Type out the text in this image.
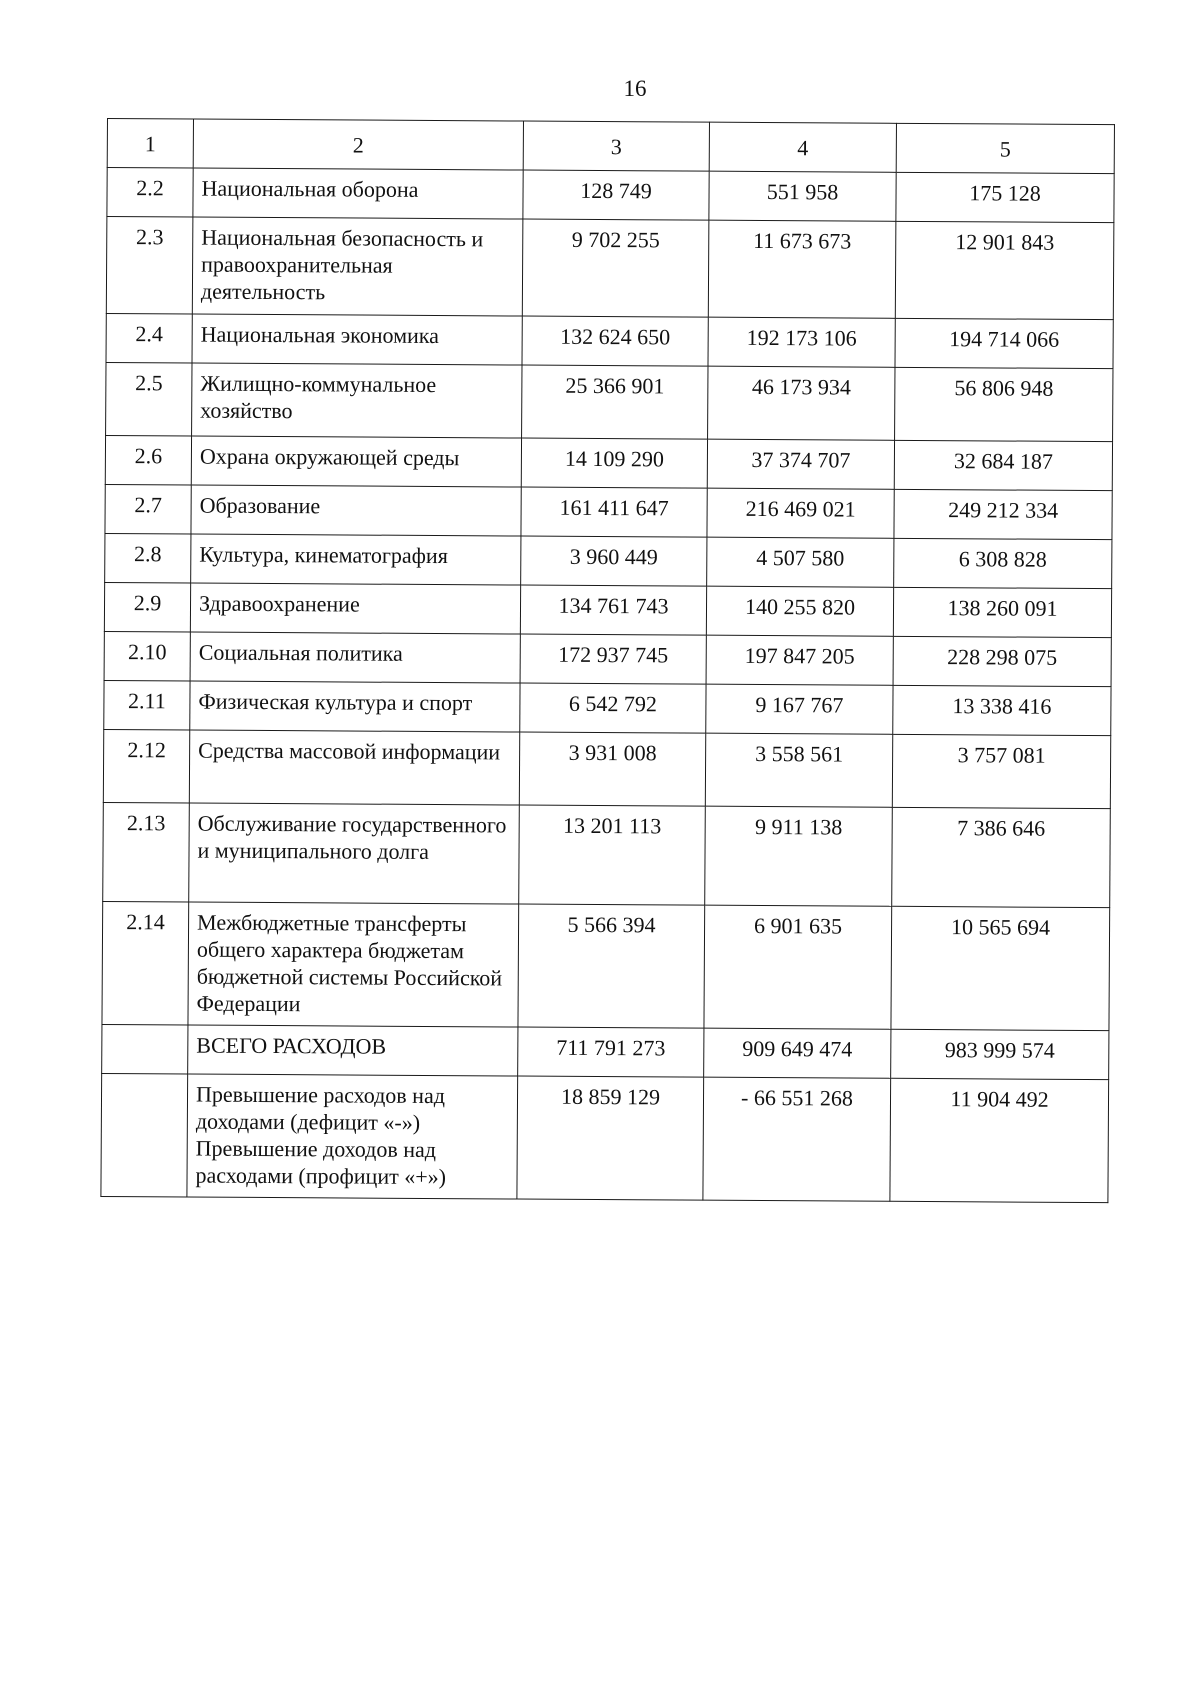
16
1	2	3	4	5
2.2	Национальная оборона	128 749	551 958	175 128
2.3	Национальная безопасность и правоохранительная деятельность	9 702 255	11 673 673	12 901 843
2.4	Национальная экономика	132 624 650	192 173 106	194 714 066
2.5	Жилищно-коммунальное хозяйство	25 366 901	46 173 934	56 806 948
2.6	Охрана окружающей среды	14 109 290	37 374 707	32 684 187
2.7	Образование	161 411 647	216 469 021	249 212 334
2.8	Культура, кинематография	3 960 449	4 507 580	6 308 828
2.9	Здравоохранение	134 761 743	140 255 820	138 260 091
2.10	Социальная политика	172 937 745	197 847 205	228 298 075
2.11	Физическая культура и спорт	6 542 792	9 167 767	13 338 416
2.12	Средства массовой информации	3 931 008	3 558 561	3 757 081
2.13	Обслуживание государственного и муниципального долга	13 201 113	9 911 138	7 386 646
2.14	Межбюджетные трансферты общего характера бюджетам бюджетной системы Российской Федерации	5 566 394	6 901 635	10 565 694
	ВСЕГО РАСХОДОВ	711 791 273	909 649 474	983 999 574
	Превышение расходов над доходами (дефицит «-») Превышение доходов над расходами (профицит «+»)	18 859 129	- 66 551 268	11 904 492
